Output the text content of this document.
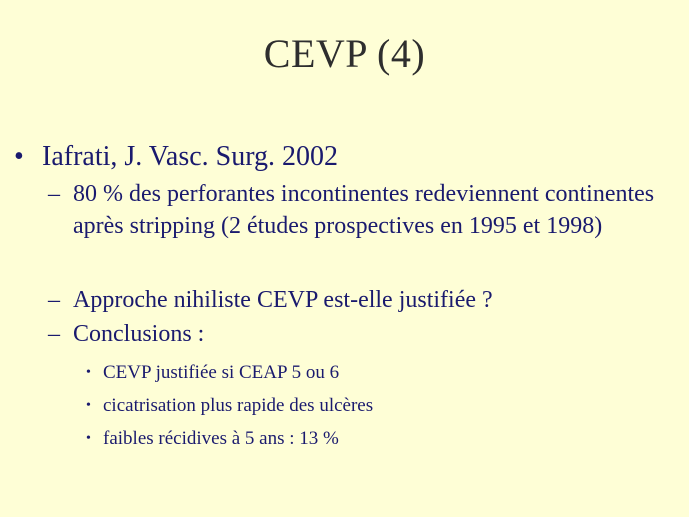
CEVP (4)
• Iafrati, J. Vasc. Surg. 2002
– 80 % des perforantes incontinentes redeviennent continentes après stripping (2 études prospectives en 1995 et 1998)
– Approche nihiliste CEVP est-elle justifiée ?
– Conclusions :
• CEVP justifiée si CEAP 5 ou 6
• cicatrisation plus rapide des ulcères
• faibles récidives à 5 ans : 13 %
